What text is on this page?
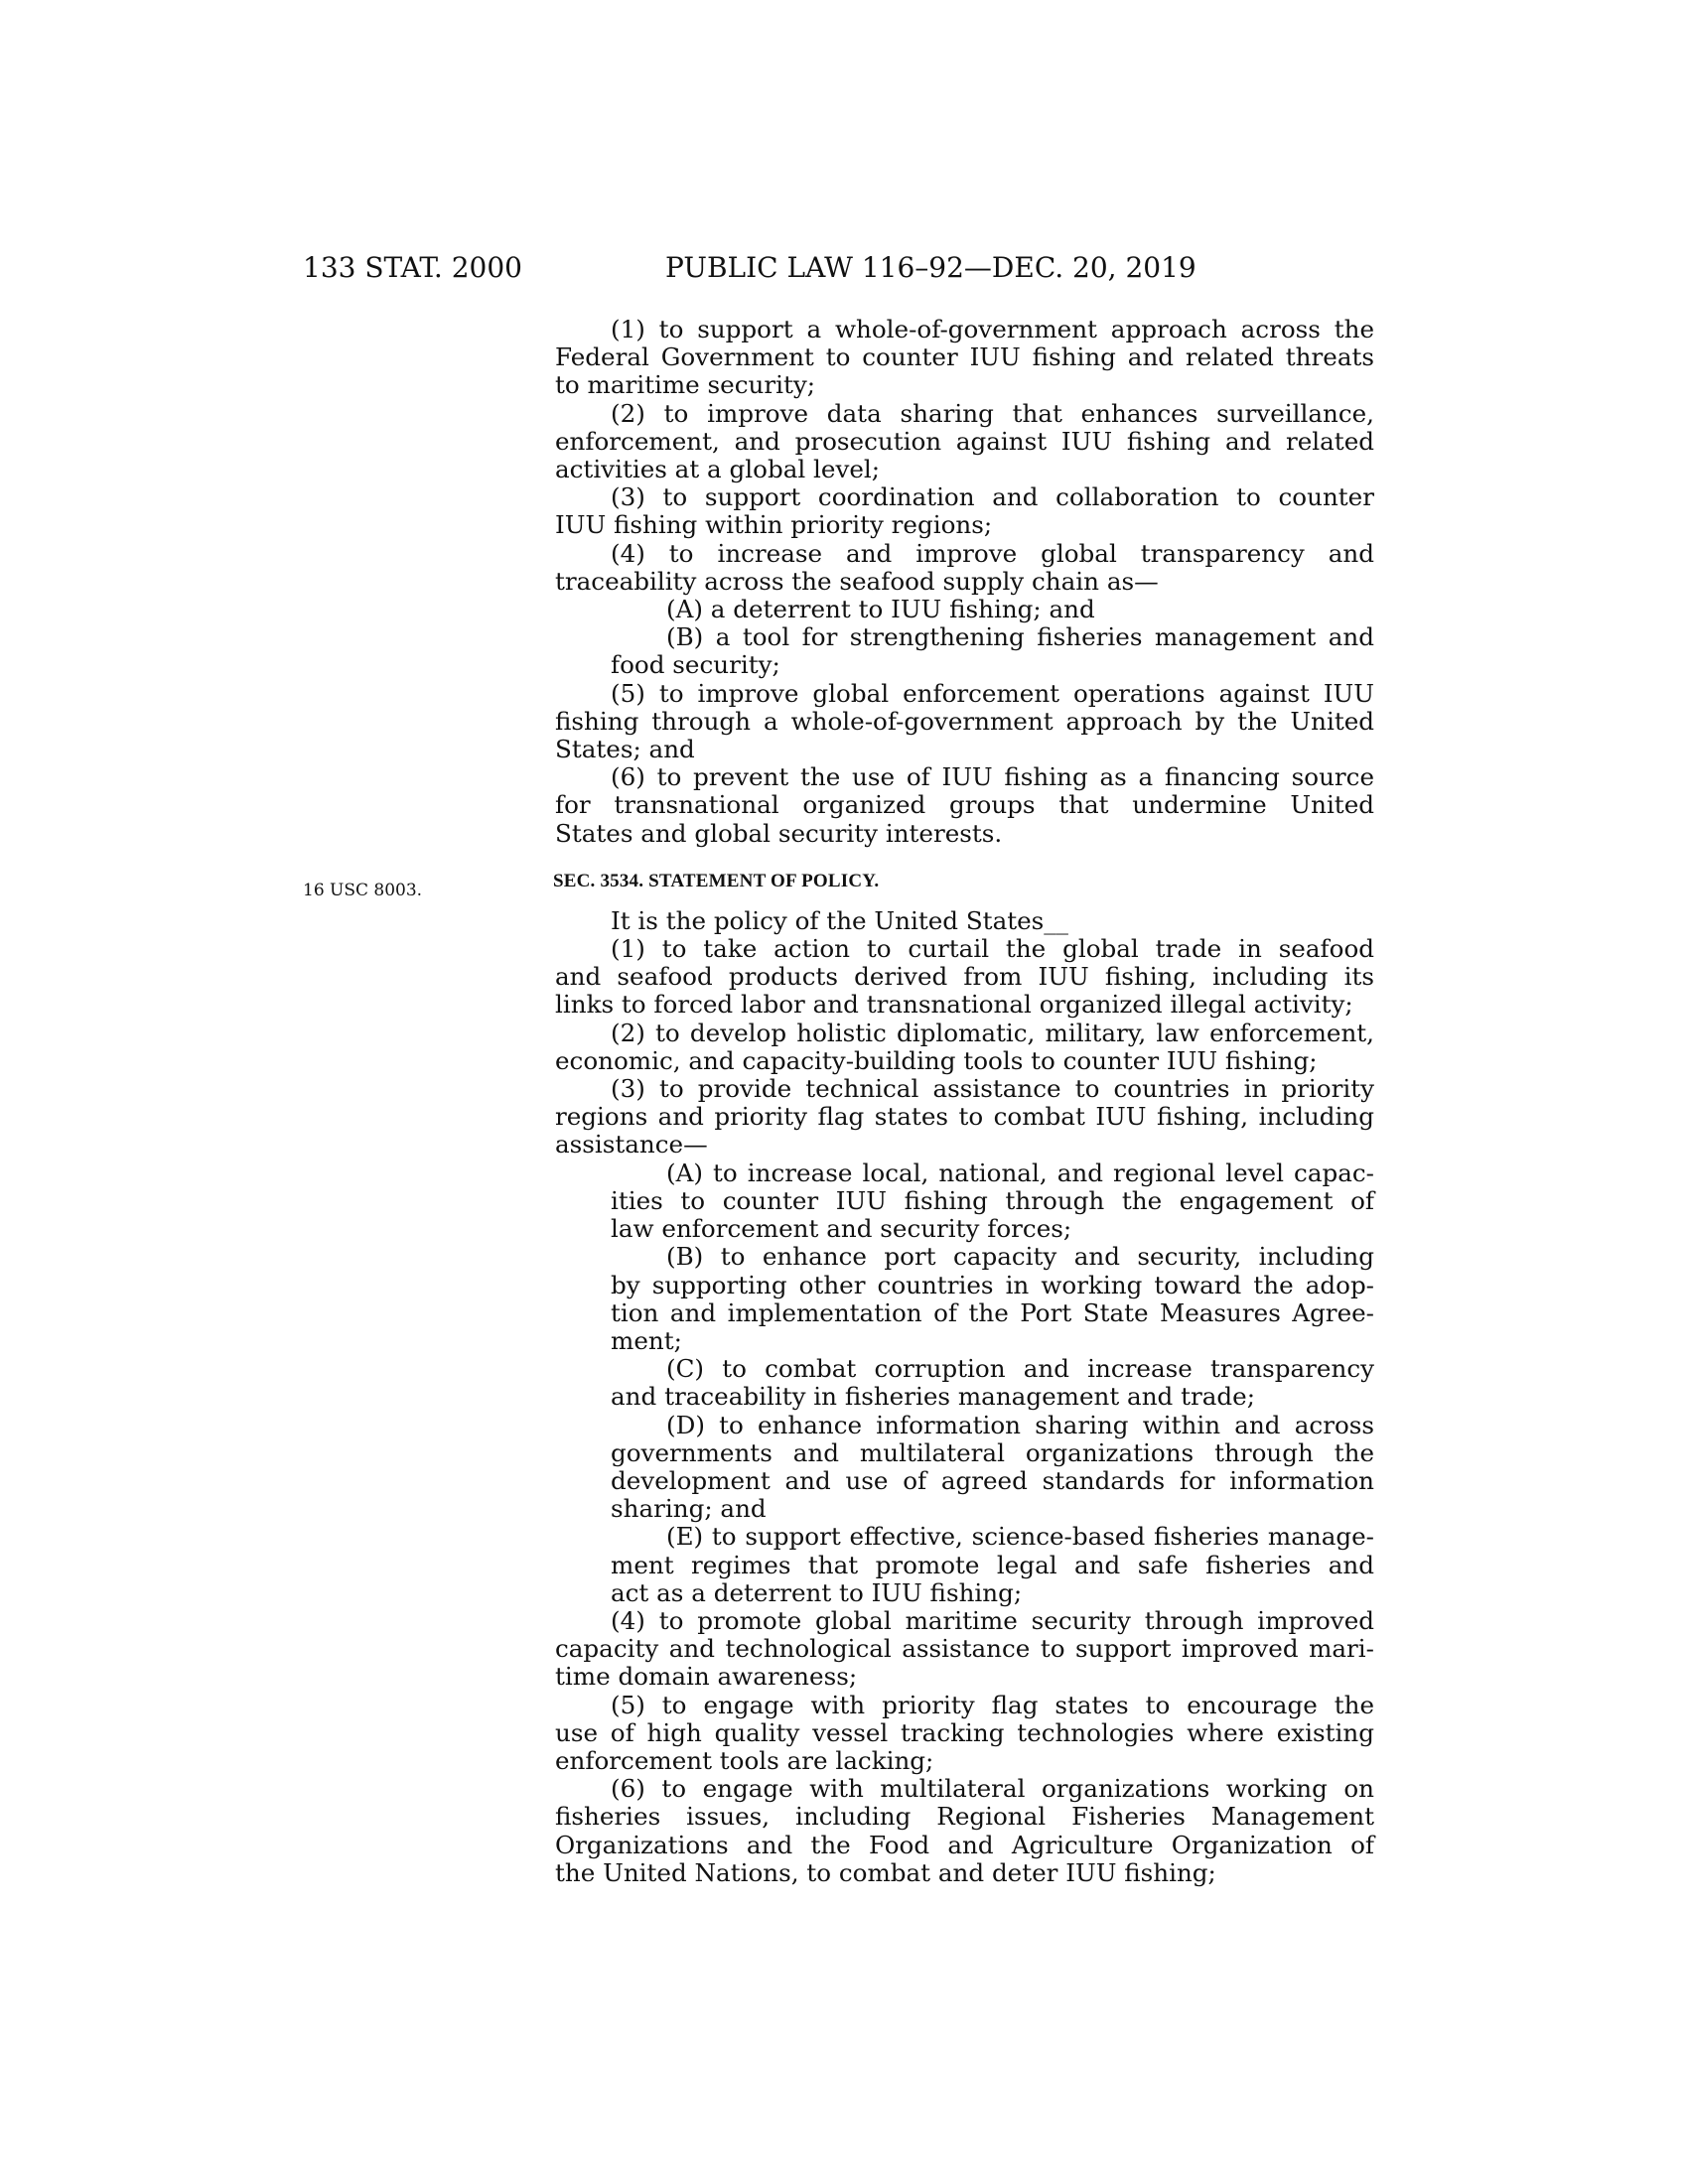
133 STAT. 2000	PUBLIC LAW 116–92—DEC. 20, 2019
16 USC 8003.

(1) to support a whole-of-government approach across the

Federal Government to counter IUU fishing and related threats

to maritime security;

(2) to improve data sharing that enhances surveillance,

enforcement, and prosecution against IUU fishing and related

activities at a global level;

(3) to support coordination and collaboration to counter

IUU fishing within priority regions;

(4) to increase and improve global transparency and

traceability across the seafood supply chain as—

(A) a deterrent to IUU fishing; and

(B) a tool for strengthening fisheries management and

food security;

(5) to improve global enforcement operations against IUU

fishing through a whole-of-government approach by the United

States; and

(6) to prevent the use of IUU fishing as a financing source

for transnational organized groups that undermine United

States and global security interests.

SEC. 3534. STATEMENT OF POLICY.

It is the policy of the United States__

(1) to take action to curtail the global trade in seafood

and seafood products derived from IUU fishing, including its

links to forced labor and transnational organized illegal activity;

(2) to develop holistic diplomatic, military, law enforcement,

economic, and capacity-building tools to counter IUU fishing;

(3) to provide technical assistance to countries in priority

regions and priority flag states to combat IUU fishing, including

assistance—

(A) to increase local, national, and regional level capac-

ities to counter IUU fishing through the engagement of

law enforcement and security forces;

(B) to enhance port capacity and security, including

by supporting other countries in working toward the adop-

tion and implementation of the Port State Measures Agree-

ment;

(C) to combat corruption and increase transparency

and traceability in fisheries management and trade;

(D) to enhance information sharing within and across

governments and multilateral organizations through the

development and use of agreed standards for information

sharing; and

(E) to support effective, science-based fisheries manage-

ment regimes that promote legal and safe fisheries and

act as a deterrent to IUU fishing;

(4) to promote global maritime security through improved

capacity and technological assistance to support improved mari-

time domain awareness;

(5) to engage with priority flag states to encourage the

use of high quality vessel tracking technologies where existing

enforcement tools are lacking;

(6) to engage with multilateral organizations working on

fisheries issues, including Regional Fisheries Management

Organizations and the Food and Agriculture Organization of

the United Nations, to combat and deter IUU fishing;
